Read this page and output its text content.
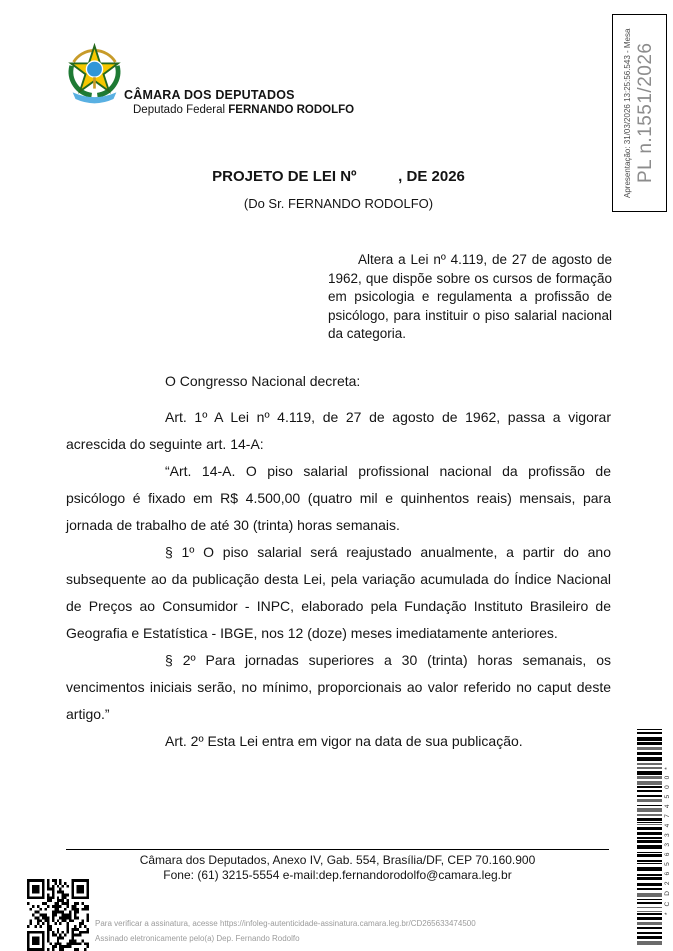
CÂMARA DOS DEPUTADOS
Deputado Federal FERNANDO RODOLFO	Apresentação: 31/03/2026 13:25:56.543 - Mesa PL n.1551/2026
PROJETO DE LEI Nº          , DE 2026
(Do Sr. FERNANDO RODOLFO)
Altera a Lei nº 4.119, de 27 de agosto de 1962, que dispõe sobre os cursos de formação em psicologia e regulamenta a profissão de psicólogo, para instituir o piso salarial nacional da categoria.

O Congresso Nacional decreta:

Art. 1º A Lei nº 4.119, de 27 de agosto de 1962, passa a vigorar acrescida do seguinte art. 14-A:

“Art. 14-A. O piso salarial profissional nacional da profissão de psicólogo é fixado em R$ 4.500,00 (quatro mil e quinhentos reais) mensais, para jornada de trabalho de até 30 (trinta) horas semanais.

§ 1º O piso salarial será reajustado anualmente, a partir do ano subsequente ao da publicação desta Lei, pela variação acumulada do Índice Nacional de Preços ao Consumidor - INPC, elaborado pela Fundação Instituto Brasileiro de Geografia e Estatística - IBGE, nos 12 (doze) meses imediatamente anteriores.

§ 2º Para jornadas superiores a 30 (trinta) horas semanais, os vencimentos iniciais serão, no mínimo, proporcionais ao valor referido no caput deste artigo.”

Art. 2º Esta Lei entra em vigor na data de sua publicação.

Câmara dos Deputados, Anexo IV, Gab. 554, Brasília/DF, CEP 70.160.900
Fone: (61) 3215-5554 e-mail:dep.fernandorodolfo@camara.leg.br
Para verificar a assinatura, acesse https://infoleg-autenticidade-assinatura.camara.leg.br/CD265633474500
Assinado eletronicamente pelo(a) Dep. Fernando Rodolfo
*CD265633474500*
